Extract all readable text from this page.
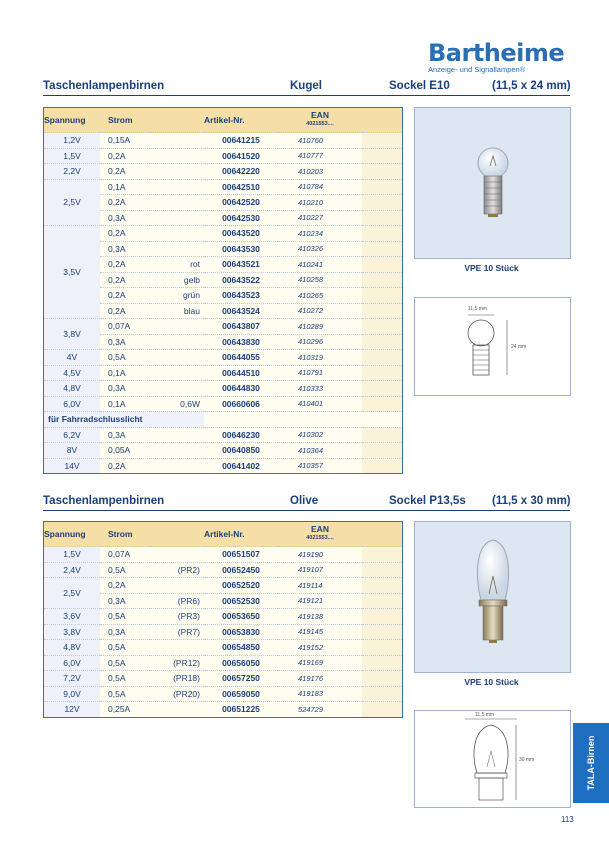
Bartheime
Anzeige- und Signallampen®
Taschenlampenbirnen	Kugel	Sockel E10	(11,5 x 24 mm)
Spannung	Strom		Artikel-Nr.	EAN
4021553....	

1,2V	0,15A		00641215	410760	
1,5V	0,2A		00641520	410777	
2,2V	0,2A		00642220	410203	
2,5V	0,1A		00642510	410784	
	0,2A		00642520	410210	
	0,3A		00642530	410227	
3,5V	0,2A		00643520	410234	
	0,3A		00643530	410326	
	0,2A	rot	00643521	410241	
	0,2A	gelb	00643522	410258	
	0,2A	grün	00643523	410265	
	0,2A	blau	00643524	410272	
3,8V	0,07A		00643807	410289	
	0,3A		00643830	410296	
4V	0,5A		00644055	410319	
4,5V	0,1A		00644510	410791	
4,8V	0,3A		00644830	410333	
6,0V	0,1A	0,6W	00660606	410401	
für Fahrradschlusslicht					
6,2V	0,3A		00646230	410302	
8V	0,05A		00640850	410364	
14V	0,2A		00641402	410357	
VPE 10 Stück
11,5 mm
24 mm
Taschenlampenbirnen	Olive	Sockel P13,5s (11,5 x 30 mm)
Spannung	Strom		Artikel-Nr.	EAN
4021553....	

1,5V	0,07A		00651507	419190	
2,4V	0,5A	(PR2)	00652450	419107	
2,5V	0,2A		00652520	419114	
	0,3A	(PR6)	00652530	419121	
3,6V	0,5A	(PR3)	00653650	419138	
3,8V	0,3A	(PR7)	00653830	419145	
4,8V	0,5A		00654850	419152	
6,0V	0,5A	(PR12)	00656050	419169	
7,2V	0,5A	(PR18)	00657250	419176	
9,0V	0,5A	(PR20)	00659050	419183	
12V	0,25A		00651225	524729	
VPE 10 Stück
11,5 mm
30 mm	TALA-Birnen
113
